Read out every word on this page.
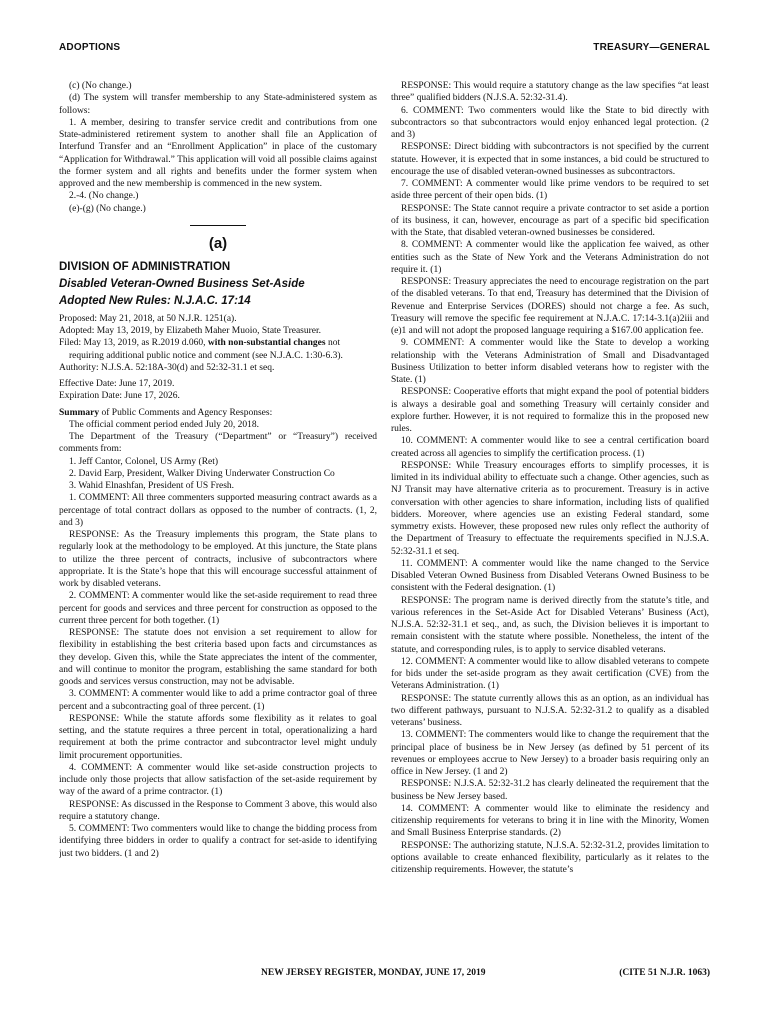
ADOPTIONS	TREASURY—GENERAL

(c) (No change.)

(d) The system will transfer membership to any State-administered system as follows:

1. A member, desiring to transfer service credit and contributions from one State-administered retirement system to another shall file an Application of Interfund Transfer and an “Enrollment Application” in place of the customary “Application for Withdrawal.” This application will void all possible claims against the former system and all rights and benefits under the former system when approved and the new membership is commenced in the new system.

2.-4. (No change.)

(e)-(g) (No change.)

(a)
DIVISION OF ADMINISTRATION
Disabled Veteran-Owned Business Set-Aside
Adopted New Rules: N.J.A.C. 17:14

Proposed: May 21, 2018, at 50 N.J.R. 1251(a).

Adopted: May 13, 2019, by Elizabeth Maher Muoio, State Treasurer.

Filed: May 13, 2019, as R.2019 d.060, with non-substantial changes not requiring additional public notice and comment (see N.J.A.C. 1:30-6.3).

Authority: N.J.S.A. 52:18A-30(d) and 52:32-31.1 et seq.

Effective Date: June 17, 2019.

Expiration Date: June 17, 2026.

Summary of Public Comments and Agency Responses:

The official comment period ended July 20, 2018.

The Department of the Treasury (“Department” or “Treasury”) received comments from:

1. Jeff Cantor, Colonel, US Army (Ret)

2. David Earp, President, Walker Diving Underwater Construction Co

3. Wahid Elnashfan, President of US Fresh.

1. COMMENT: All three commenters supported measuring contract awards as a percentage of total contract dollars as opposed to the number of contracts. (1, 2, and 3)

RESPONSE: As the Treasury implements this program, the State plans to regularly look at the methodology to be employed. At this juncture, the State plans to utilize the three percent of contracts, inclusive of subcontractors where appropriate. It is the State’s hope that this will encourage successful attainment of work by disabled veterans.

2. COMMENT: A commenter would like the set-aside requirement to read three percent for goods and services and three percent for construction as opposed to the current three percent for both together. (1)

RESPONSE: The statute does not envision a set requirement to allow for flexibility in establishing the best criteria based upon facts and circumstances as they develop. Given this, while the State appreciates the intent of the commenter, and will continue to monitor the program, establishing the same standard for both goods and services versus construction, may not be advisable.

3. COMMENT: A commenter would like to add a prime contractor goal of three percent and a subcontracting goal of three percent. (1)

RESPONSE: While the statute affords some flexibility as it relates to goal setting, and the statute requires a three percent in total, operationalizing a hard requirement at both the prime contractor and subcontractor level might unduly limit procurement opportunities.

4. COMMENT: A commenter would like set-aside construction projects to include only those projects that allow satisfaction of the set-aside requirement by way of the award of a prime contractor. (1)

RESPONSE: As discussed in the Response to Comment 3 above, this would also require a statutory change.

5. COMMENT: Two commenters would like to change the bidding process from identifying three bidders in order to qualify a contract for set-aside to identifying just two bidders. (1 and 2)

RESPONSE: This would require a statutory change as the law specifies “at least three” qualified bidders (N.J.S.A. 52:32-31.4).

6. COMMENT: Two commenters would like the State to bid directly with subcontractors so that subcontractors would enjoy enhanced legal protection. (2 and 3)

RESPONSE: Direct bidding with subcontractors is not specified by the current statute. However, it is expected that in some instances, a bid could be structured to encourage the use of disabled veteran-owned businesses as subcontractors.

7. COMMENT: A commenter would like prime vendors to be required to set aside three percent of their open bids. (1)

RESPONSE: The State cannot require a private contractor to set aside a portion of its business, it can, however, encourage as part of a specific bid specification with the State, that disabled veteran-owned businesses be considered.

8. COMMENT: A commenter would like the application fee waived, as other entities such as the State of New York and the Veterans Administration do not require it. (1)

RESPONSE: Treasury appreciates the need to encourage registration on the part of the disabled veterans. To that end, Treasury has determined that the Division of Revenue and Enterprise Services (DORES) should not charge a fee. As such, Treasury will remove the specific fee requirement at N.J.A.C. 17:14-3.1(a)2iii and (e)1 and will not adopt the proposed language requiring a $167.00 application fee.

9. COMMENT: A commenter would like the State to develop a working relationship with the Veterans Administration of Small and Disadvantaged Business Utilization to better inform disabled veterans how to register with the State. (1)

RESPONSE: Cooperative efforts that might expand the pool of potential bidders is always a desirable goal and something Treasury will certainly consider and explore further. However, it is not required to formalize this in the proposed new rules.

10. COMMENT: A commenter would like to see a central certification board created across all agencies to simplify the certification process. (1)

RESPONSE: While Treasury encourages efforts to simplify processes, it is limited in its individual ability to effectuate such a change. Other agencies, such as NJ Transit may have alternative criteria as to procurement. Treasury is in active conversation with other agencies to share information, including lists of qualified bidders. Moreover, where agencies use an existing Federal standard, some symmetry exists. However, these proposed new rules only reflect the authority of the Department of Treasury to effectuate the requirements specified in N.J.S.A. 52:32-31.1 et seq.

11. COMMENT: A commenter would like the name changed to the Service Disabled Veteran Owned Business from Disabled Veterans Owned Business to be consistent with the Federal designation. (1)

RESPONSE: The program name is derived directly from the statute’s title, and various references in the Set-Aside Act for Disabled Veterans’ Business (Act), N.J.S.A. 52:32-31.1 et seq., and, as such, the Division believes it is important to remain consistent with the statute where possible. Nonetheless, the intent of the statute, and corresponding rules, is to apply to service disabled veterans.

12. COMMENT: A commenter would like to allow disabled veterans to compete for bids under the set-aside program as they await certification (CVE) from the Veterans Administration. (1)

RESPONSE: The statute currently allows this as an option, as an individual has two different pathways, pursuant to N.J.S.A. 52:32-31.2 to qualify as a disabled veterans’ business.

13. COMMENT: The commenters would like to change the requirement that the principal place of business be in New Jersey (as defined by 51 percent of its revenues or employees accrue to New Jersey) to a broader basis requiring only an office in New Jersey. (1 and 2)

RESPONSE: N.J.S.A. 52:32-31.2 has clearly delineated the requirement that the business be New Jersey based.

14. COMMENT: A commenter would like to eliminate the residency and citizenship requirements for veterans to bring it in line with the Minority, Women and Small Business Enterprise standards. (2)

RESPONSE: The authorizing statute, N.J.S.A. 52:32-31.2, provides limitation to options available to create enhanced flexibility, particularly as it relates to the citizenship requirements. However, the statute’s

NEW JERSEY REGISTER, MONDAY, JUNE 17, 2019	(CITE 51 N.J.R. 1063)
